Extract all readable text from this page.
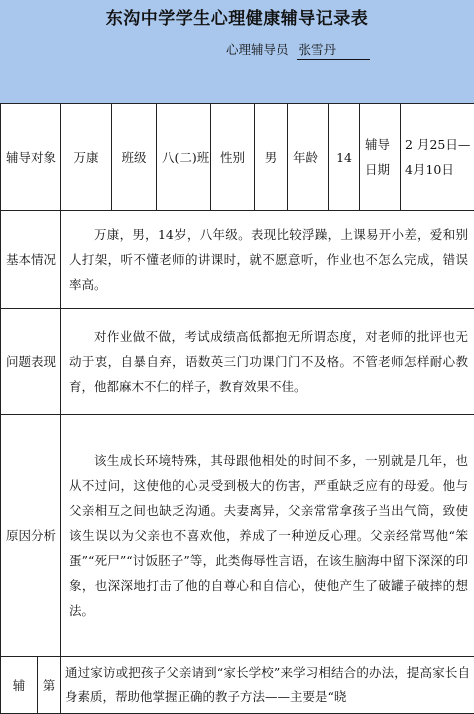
东沟中学学生心理健康辅导记录表
心理辅导员 张雪丹
辅导对象		万康	班级	八(二)班	性别	男	年龄	14	辅导日期	2 月25日—4月10日
基本情况		万康，男，14岁，八年级。表现比较浮躁，上课易开小差，爱和别人打架，听不懂老师的讲课时，就不愿意听，作业也不怎么完成，错误率高。								
问题表现		对作业做不做，考试成绩高低都抱无所谓态度，对老师的批评也无动于衷，自暴自弃，语数英三门功课门门不及格。不管老师怎样耐心教育，他都麻木不仁的样子，教育效果不佳。								
原因分析		该生成长环境特殊，其母跟他相处的时间不多，一别就是几年，也从不过问，这使他的心灵受到极大的伤害，严重缺乏应有的母爱。他与父亲相互之间也缺乏沟通。夫妻离异，父亲常常拿孩子当出气筒，致使该生误以为父亲也不喜欢他，养成了一种逆反心理。父亲经常骂他“笨蛋”“死尸”“讨饭胚子”等，此类侮辱性言语，在该生脑海中留下深深的印象，也深深地打击了他的自尊心和自信心，使他产生了破罐子破摔的想法。								
辅	第	通过家访或把孩子父亲请到“家长学校”来学习相结合的办法，提高家长自身素质，帮助他掌握正确的教子方法——主要是“晓								
